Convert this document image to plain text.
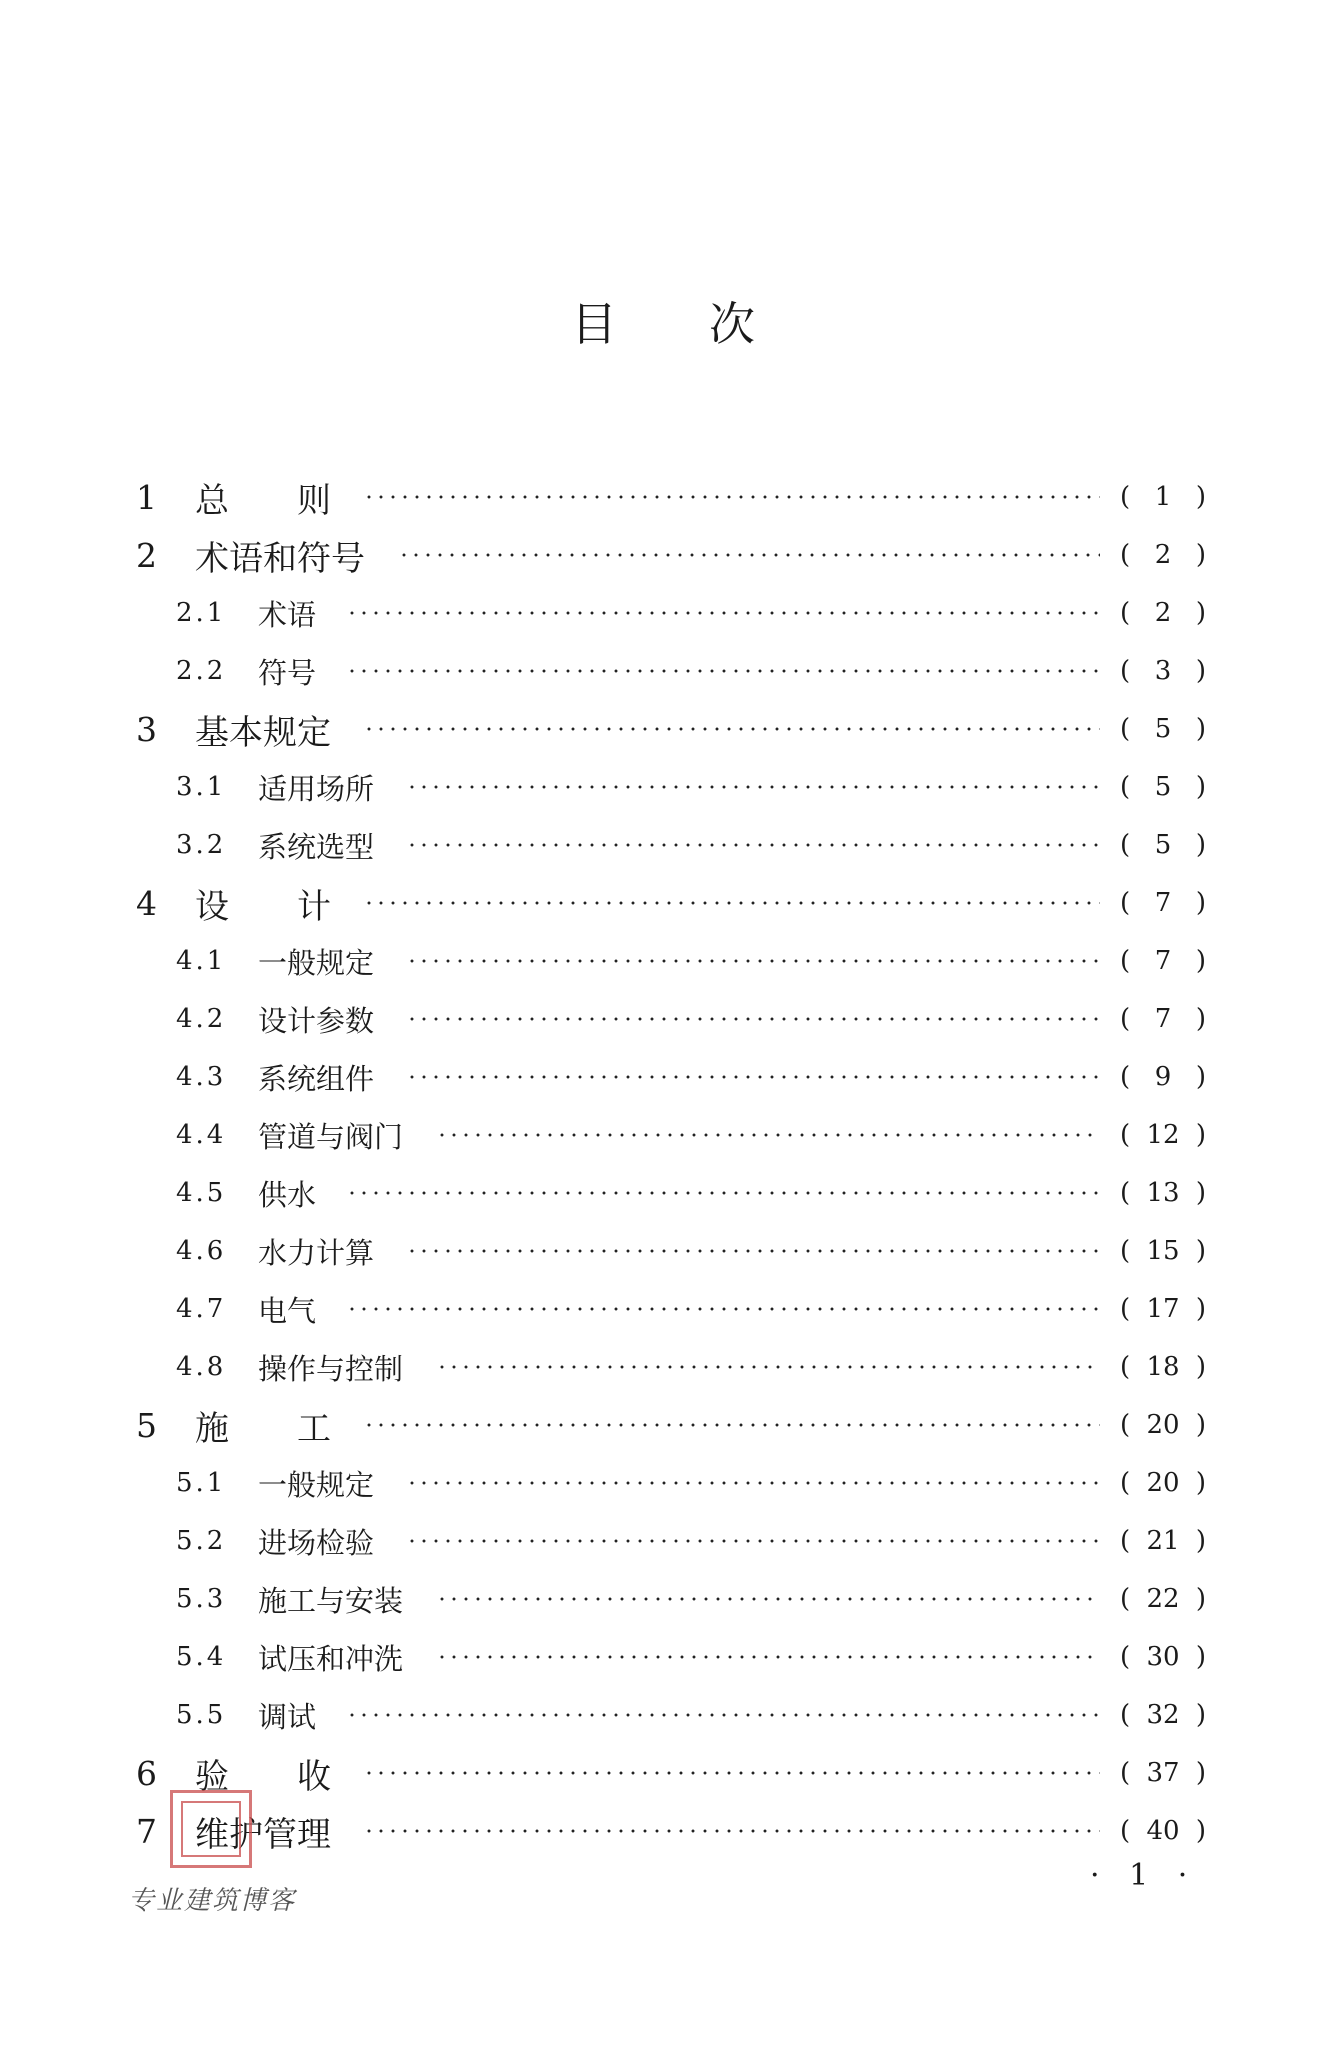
目　　次
1 总　　则	( 1 )
2 术语和符号	( 2 )
2.1 术语	( 2 )
2.2 符号	( 3 )
3 基本规定	( 5 )
3.1 适用场所	( 5 )
3.2 系统选型	( 5 )
4 设　　计	( 7 )
4.1 一般规定	( 7 )
4.2 设计参数	( 7 )
4.3 系统组件	( 9 )
4.4 管道与阀门	( 12 )
4.5 供水	( 13 )
4.6 水力计算	( 15 )
4.7 电气	( 17 )
4.8 操作与控制	( 18 )
5 施　　工	( 20 )
5.1 一般规定	( 20 )
5.2 进场检验	( 21 )
5.3 施工与安装	( 22 )
5.4 试压和冲洗	( 30 )
5.5 调试	( 32 )
6 验　　收	( 37 )
7 维护管理	( 40 )
专业建筑博客
· 1 ·
